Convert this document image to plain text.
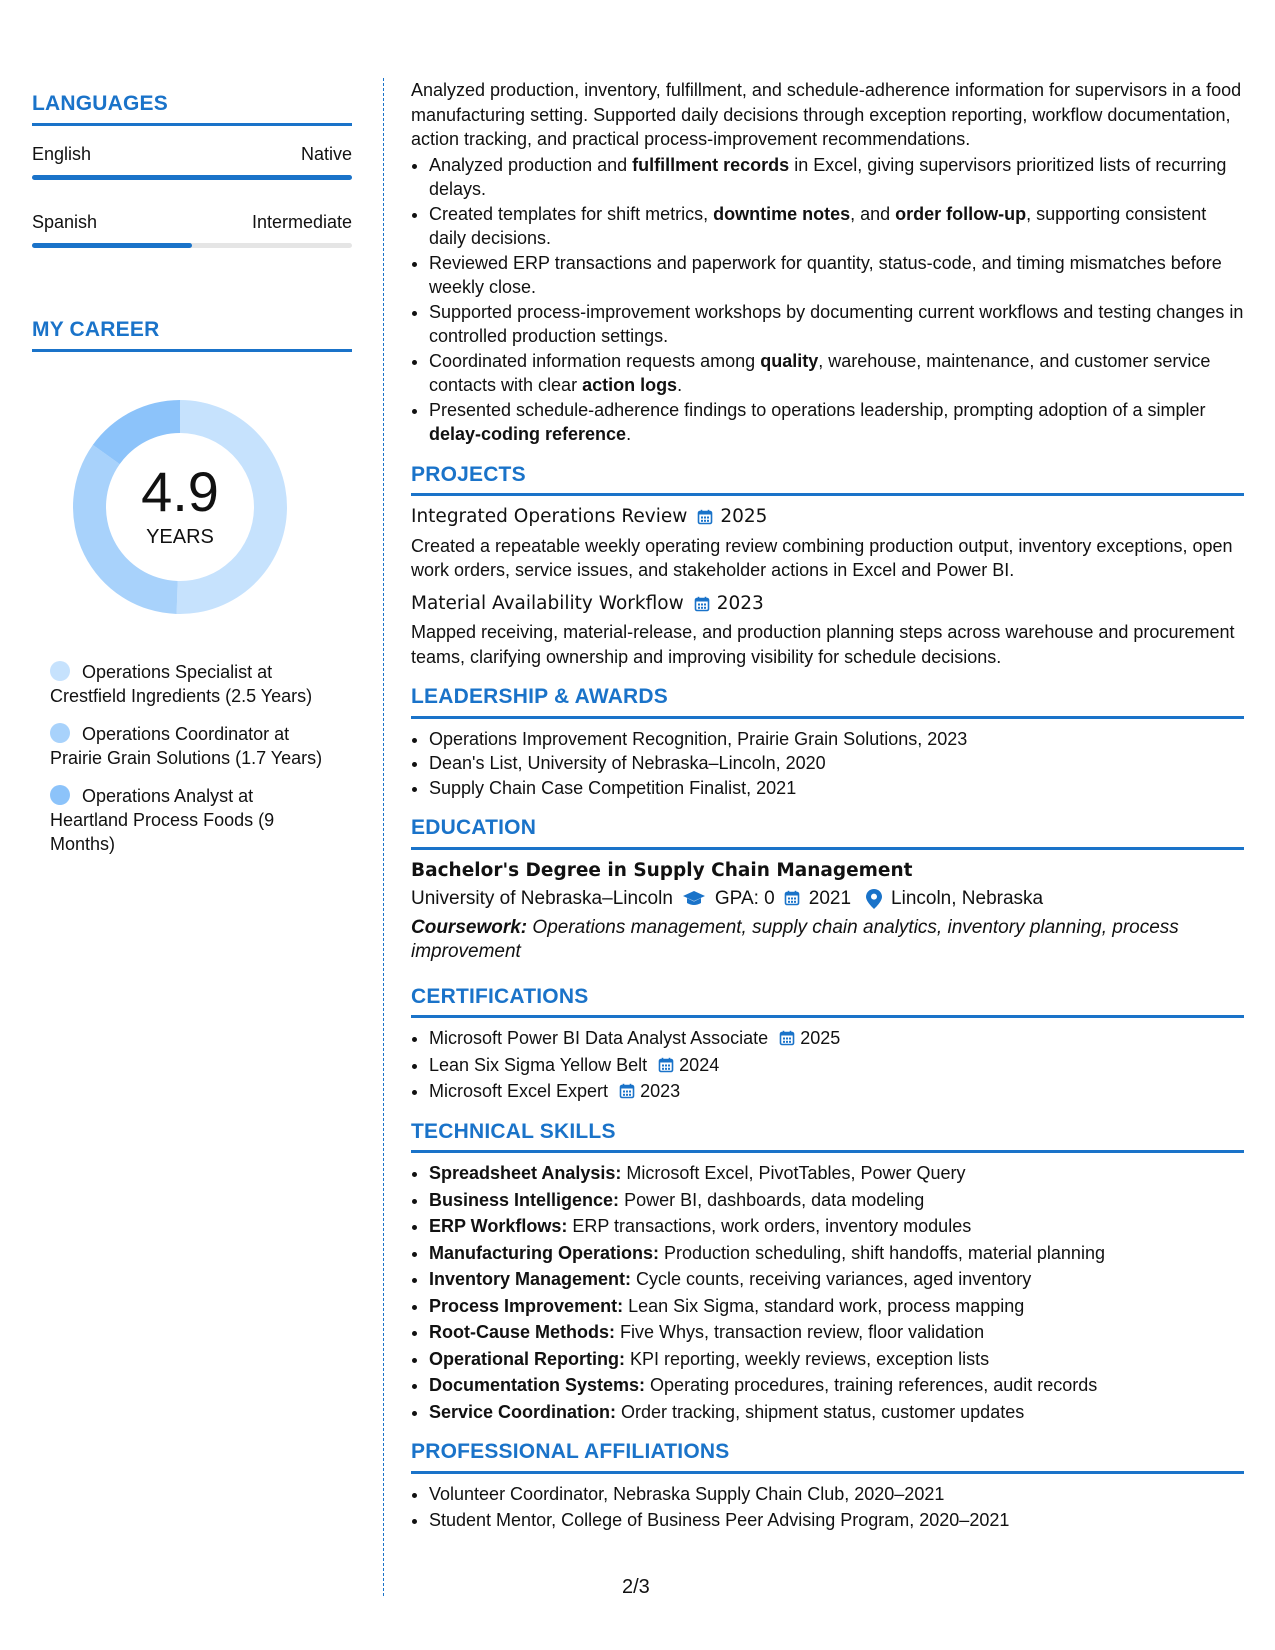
LANGUAGES
English	Native
Spanish	Intermediate
MY CAREER
4.9
YEARS
Operations Specialist at Crestfield Ingredients (2.5 Years)
Operations Coordinator at Prairie Grain Solutions (1.7 Years)
Operations Analyst at Heartland Process Foods (9 Months)
Analyzed production, inventory, fulfillment, and schedule-adherence information for supervisors in a food manufacturing setting. Supported daily decisions through exception reporting, workflow documentation, action tracking, and practical process-improvement recommendations.
• Analyzed production and fulfillment records in Excel, giving supervisors prioritized lists of recurring delays.
• Created templates for shift metrics, downtime notes, and order follow-up, supporting consistent daily decisions.
• Reviewed ERP transactions and paperwork for quantity, status-code, and timing mismatches before weekly close.
• Supported process-improvement workshops by documenting current workflows and testing changes in controlled production settings.
• Coordinated information requests among quality, warehouse, maintenance, and customer service contacts with clear action logs.
• Presented schedule-adherence findings to operations leadership, prompting adoption of a simpler delay-coding reference.
PROJECTS
Integrated Operations Review 2025
Created a repeatable weekly operating review combining production output, inventory exceptions, open work orders, service issues, and stakeholder actions in Excel and Power BI.
Material Availability Workflow 2023
Mapped receiving, material-release, and production planning steps across warehouse and procurement teams, clarifying ownership and improving visibility for schedule decisions.
LEADERSHIP & AWARDS
• Operations Improvement Recognition, Prairie Grain Solutions, 2023
• Dean's List, University of Nebraska–Lincoln, 2020
• Supply Chain Case Competition Finalist, 2021
EDUCATION
Bachelor's Degree in Supply Chain Management
University of Nebraska–Lincoln GPA: 0 2021 Lincoln, Nebraska
Coursework: Operations management, supply chain analytics, inventory planning, process improvement
CERTIFICATIONS
• Microsoft Power BI Data Analyst Associate 2025
• Lean Six Sigma Yellow Belt 2024
• Microsoft Excel Expert 2023
TECHNICAL SKILLS
• Spreadsheet Analysis: Microsoft Excel, PivotTables, Power Query
• Business Intelligence: Power BI, dashboards, data modeling
• ERP Workflows: ERP transactions, work orders, inventory modules
• Manufacturing Operations: Production scheduling, shift handoffs, material planning
• Inventory Management: Cycle counts, receiving variances, aged inventory
• Process Improvement: Lean Six Sigma, standard work, process mapping
• Root-Cause Methods: Five Whys, transaction review, floor validation
• Operational Reporting: KPI reporting, weekly reviews, exception lists
• Documentation Systems: Operating procedures, training references, audit records
• Service Coordination: Order tracking, shipment status, customer updates
PROFESSIONAL AFFILIATIONS
• Volunteer Coordinator, Nebraska Supply Chain Club, 2020–2021
• Student Mentor, College of Business Peer Advising Program, 2020–2021
2/3
